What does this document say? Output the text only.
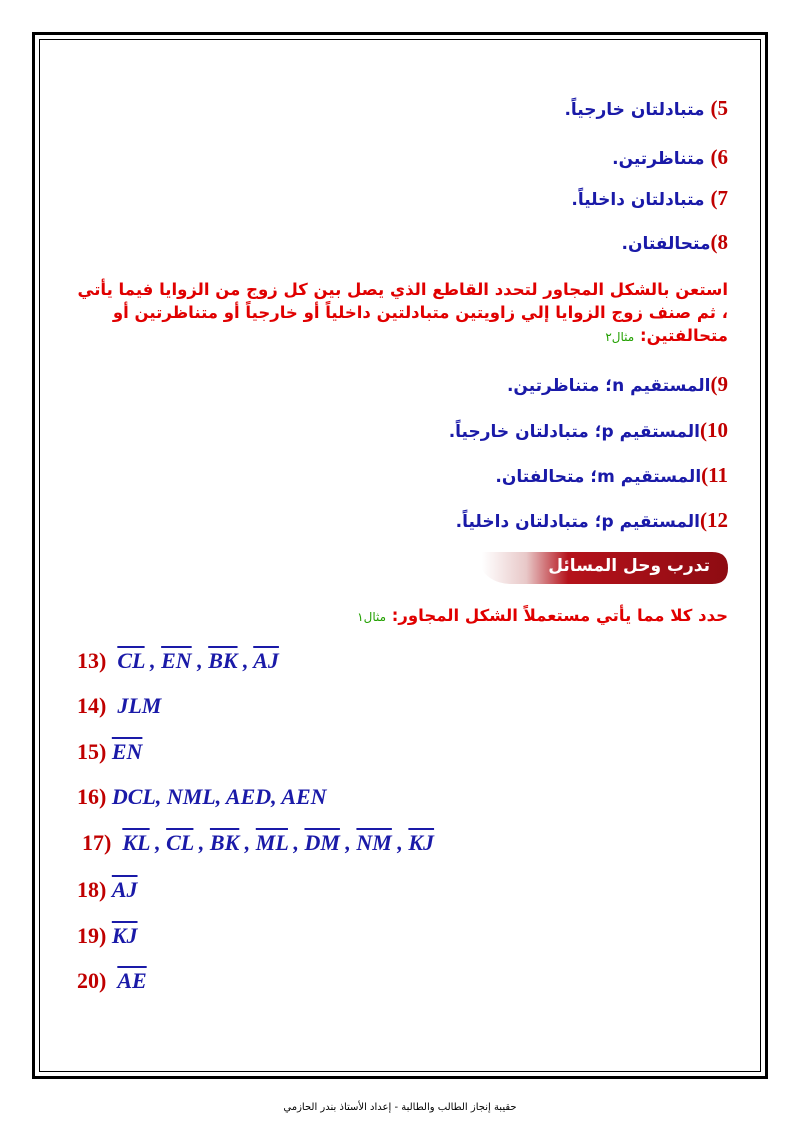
5) متبادلتان خارجياً.
6) متناظرتين.
7) متبادلتان داخلياً.
8)متحالفتان.
استعن بالشكل المجاور لتحدد القاطع الذي يصل بين كل زوج من الزوايا فيما يأتي ، ثم صنف زوج الزوايا إلي زاويتين متبادلتين داخلياً أو خارجياً أو متناظرتين أو متحالفتين: مثال٢
9)المستقيم n؛ متناظرتين.
10)المستقيم p؛ متبادلتان خارجياً.
11)المستقيم m؛ متحالفتان.
12)المستقيم p؛ متبادلتان داخلياً.
تدرب وحل المسائل
حدد كلا مما يأتي مستعملاً الشكل المجاور: مثال١
13) $\overline{CL}$ , $\overline{EN}$ , $\overline{BK}$ , $\overline{AJ}$
14) JLM
15) $\overline{EN}$
16) DCL, NML, AED, AEN
17) $\overline{KL}$ , $\overline{CL}$ , $\overline{BK}$ , $\overline{ML}$ , $\overline{DM}$ , $\overline{NM}$ , $\overline{KJ}$
18) $\overline{AJ}$
19) $\overline{KJ}$
20) $\overline{AE}$
حقيبة إنجاز الطالب والطالبة - إعداد الأستاذ بندر الحازمي
